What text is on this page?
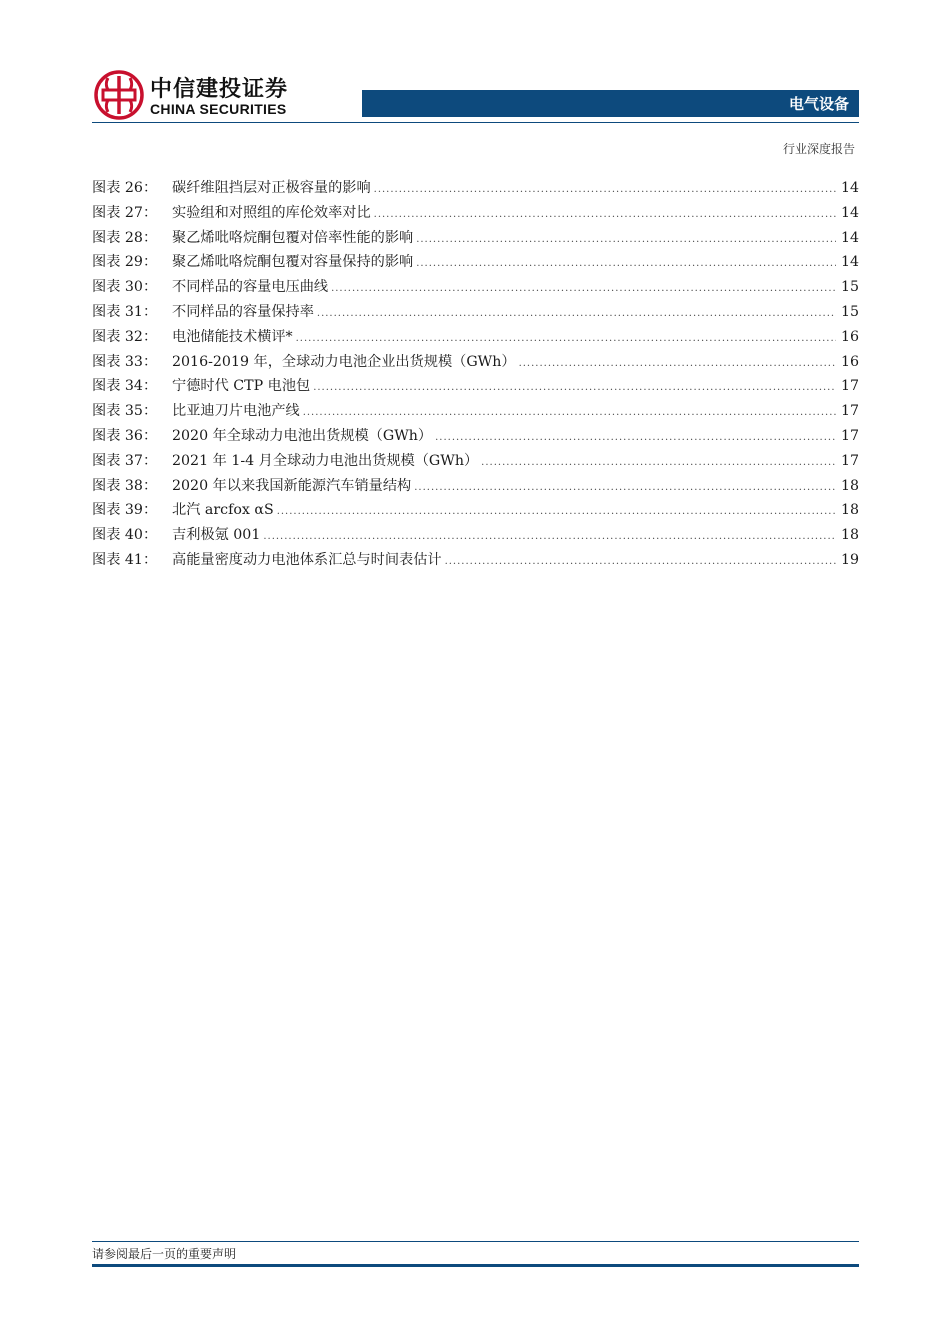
中信建投证券
CHINA SECURITIES	电气设备
行业深度报告
图表 26：	碳纤维阻挡层对正极容量的影响 .....	14
图表 27：	实验组和对照组的库伦效率对比 .....	14
图表 28：	聚乙烯吡咯烷酮包覆对倍率性能的影响 .....	14
图表 29：	聚乙烯吡咯烷酮包覆对容量保持的影响 .....	14
图表 30：	不同样品的容量电压曲线 .....	15
图表 31：	不同样品的容量保持率 .....	15
图表 32：	电池储能技术横评* .....	16
图表 33：	2016-2019 年，全球动力电池企业出货规模（GWh） .....	16
图表 34：	宁德时代 CTP 电池包 .....	17
图表 35：	比亚迪刀片电池产线 .....	17
图表 36：	2020 年全球动力电池出货规模（GWh） .....	17
图表 37：	2021 年 1-4 月全球动力电池出货规模（GWh） .....	17
图表 38：	2020 年以来我国新能源汽车销量结构 .....	18
图表 39：	北汽 arcfox αS .....	18
图表 40：	吉利极氪 001 .....	18
图表 41：	高能量密度动力电池体系汇总与时间表估计 .....	19
请参阅最后一页的重要声明
